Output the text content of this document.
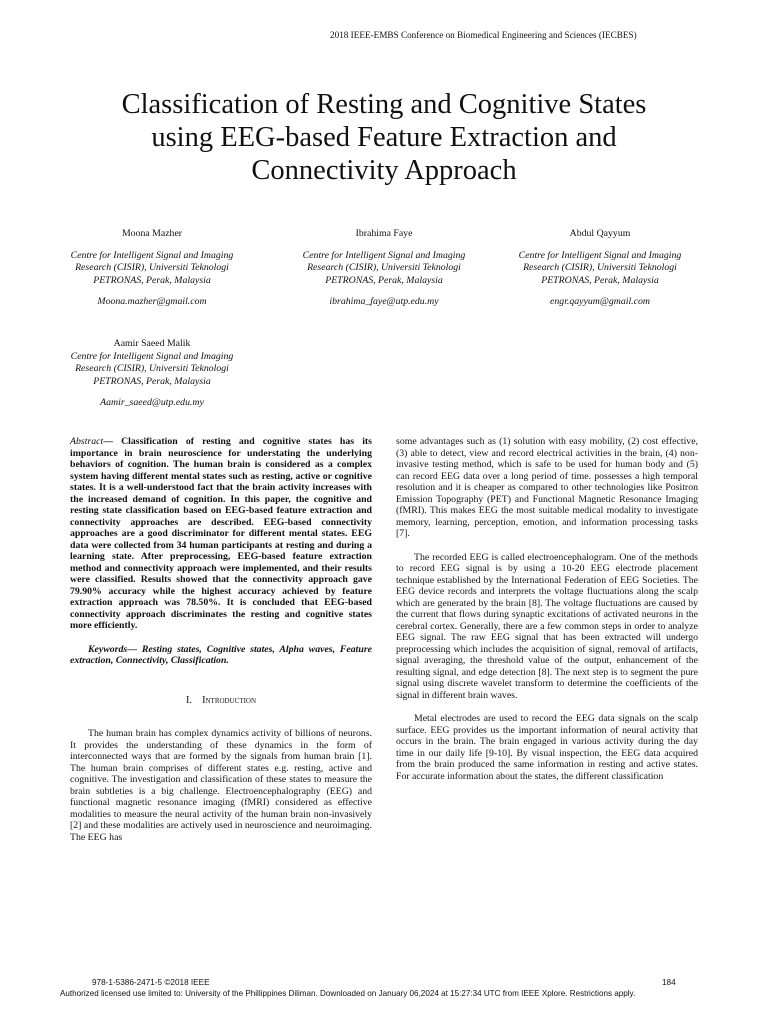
2018 IEEE-EMBS Conference on Biomedical Engineering and Sciences (IECBES)
Classification of Resting and Cognitive States
using EEG-based Feature Extraction and
Connectivity Approach
Moona Mazher
Centre for Intelligent Signal and Imaging
Research (CISIR), Universiti Teknologi
PETRONAS, Perak, Malaysia
Moona.mazher@gmail.com
Ibrahima Faye
Centre for Intelligent Signal and Imaging
Research (CISIR), Universiti Teknologi
PETRONAS, Perak, Malaysia
ibrahima_faye@utp.edu.my
Abdul Qayyum
Centre for Intelligent Signal and Imaging
Research (CISIR), Universiti Teknologi
PETRONAS, Perak, Malaysia
engr.qayyum@gmail.com
Aamir Saeed Malik
Centre for Intelligent Signal and Imaging
Research (CISIR), Universiti Teknologi
PETRONAS, Perak, Malaysia
Aamir_saeed@utp.edu.my

Abstract— Classification of resting and cognitive states has its importance in brain neuroscience for understating the underlying behaviors of cognition. The human brain is considered as a complex system having different mental states such as resting, active or cognitive states. It is a well-understood fact that the brain activity increases with the increased demand of cognition. In this paper, the cognitive and resting state classification based on EEG-based feature extraction and connectivity approaches are described. EEG-based connectivity approaches are a good discriminator for different mental states. EEG data were collected from 34 human participants at resting and during a learning state. After preprocessing, EEG-based feature extraction method and connectivity approach were implemented, and their results were classified. Results showed that the connectivity approach gave 79.90% accuracy while the highest accuracy achieved by feature extraction approach was 78.50%. It is concluded that EEG-based connectivity approach discriminates the resting and cognitive states more efficiently.

Keywords— Resting states, Cognitive states, Alpha waves, Feature extraction, Connectivity, Classification.

I. Introduction

The human brain has complex dynamics activity of billions of neurons. It provides the understanding of these dynamics in the form of interconnected ways that are formed by the signals from human brain [1]. The human brain comprises of different states e.g. resting, active and cognitive. The investigation and classification of these states to measure the brain subtleties is a big challenge. Electroencephalography (EEG) and functional magnetic resonance imaging (fMRI) considered as effective modalities to measure the neural activity of the human brain non-invasively [2] and these modalities are actively used in neuroscience and neuroimaging. The EEG has

some advantages such as (1) solution with easy mobility, (2) cost effective, (3) able to detect, view and record electrical activities in the brain, (4) non-invasive testing method, which is safe to be used for human body and (5) can record EEG data over a long period of time. possesses a high temporal resolution and it is cheaper as compared to other technologies like Positron Emission Topography (PET) and Functional Magnetic Resonance Imaging (fMRI). This makes EEG the most suitable medical modality to investigate memory, learning, perception, emotion, and information processing tasks [7].

The recorded EEG is called electroencephalogram. One of the methods to record EEG signal is by using a 10-20 EEG electrode placement technique established by the International Federation of EEG Societies. The EEG device records and interprets the voltage fluctuations along the scalp which are generated by the brain [8]. The voltage fluctuations are caused by the current that flows during synaptic excitations of activated neurons in the cerebral cortex. Generally, there are a few common steps in order to analyze EEG signal. The raw EEG signal that has been extracted will undergo preprocessing which includes the acquisition of signal, removal of artifacts, signal averaging, the threshold value of the output, enhancement of the resulting signal, and edge detection [8]. The next step is to segment the pure signal using discrete wavelet transform to determine the coefficients of the signal in different brain waves.

Metal electrodes are used to record the EEG data signals on the scalp surface. EEG provides us the important information of neural activity that occurs in the brain. The brain engaged in various activity during the day time in our daily life [9-10]. By visual inspection, the EEG data acquired from the brain produced the same information in resting and active states. For accurate information about the states, the different classification

978-1-5386-2471-5 ©2018 IEEE	184
Authorized licensed use limited to: University of the Phillippines Diliman. Downloaded on January 06,2024 at 15:27:34 UTC from IEEE Xplore. Restrictions apply.
